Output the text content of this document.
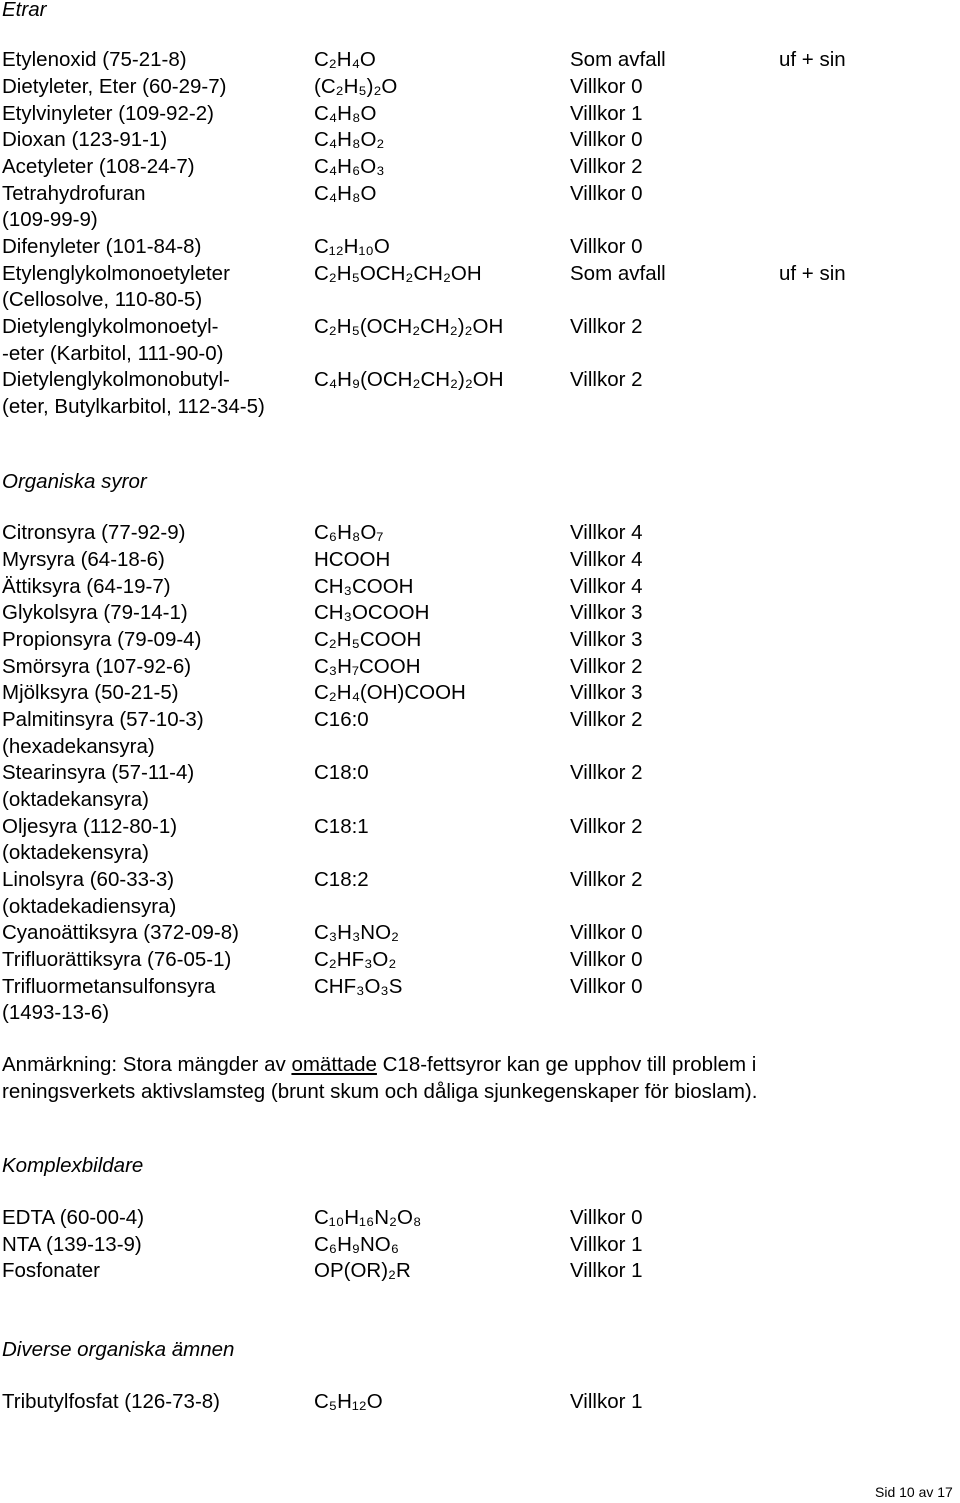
Etrar
Etylenoxid (75-21-8)	C₂H₄O	Som avfall	uf + sin
Dietyleter, Eter (60-29-7)	(C₂H₅)₂O	Villkor 0
Etylvinyleter (109-92-2)	C₄H₈O	Villkor 1
Dioxan (123-91-1)	C₄H₈O₂	Villkor 0
Acetyleter (108-24-7)	C₄H₆O₃	Villkor 2
Tetrahydrofuran	C₄H₈O	Villkor 0
(109-99-9)
Difenyleter (101-84-8)	C₁₂H₁₀O	Villkor 0
Etylenglykolmonoetyleter	C₂H₅OCH₂CH₂OH	Som avfall	uf + sin
(Cellosolve, 110-80-5)
Dietylenglykolmonoetyl-	C₂H₅(OCH₂CH₂)₂OH	Villkor 2
-eter (Karbitol, 111-90-0)
Dietylenglykolmonobutyl-	C₄H₉(OCH₂CH₂)₂OH	Villkor 2
(eter, Butylkarbitol, 112-34-5)
Organiska syror
Citronsyra (77-92-9)	C₆H₈O₇	Villkor 4
Myrsyra (64-18-6)	HCOOH	Villkor 4
Ättiksyra (64-19-7)	CH₃COOH	Villkor 4
Glykolsyra (79-14-1)	CH₃OCOOH	Villkor 3
Propionsyra (79-09-4)	C₂H₅COOH	Villkor 3
Smörsyra (107-92-6)	C₃H₇COOH	Villkor 2
Mjölksyra (50-21-5)	C₂H₄(OH)COOH	Villkor 3
Palmitinsyra (57-10-3)	C16:0	Villkor 2
(hexadekansyra)
Stearinsyra (57-11-4)	C18:0	Villkor 2
(oktadekansyra)
Oljesyra (112-80-1)	C18:1	Villkor 2
(oktadekensyra)
Linolsyra (60-33-3)	C18:2	Villkor 2
(oktadekadiensyra)
Cyanoättiksyra (372-09-8)	C₃H₃NO₂	Villkor 0
Trifluorättiksyra (76-05-1)	C₂HF₃O₂	Villkor 0
Trifluormetansulfonsyra	CHF₃O₃S	Villkor 0
(1493-13-6)
Anmärkning: Stora mängder av omättade C18-fettsyror kan ge upphov till problem i
reningsverkets aktivslamsteg (brunt skum och dåliga sjunkegenskaper för bioslam).
Komplexbildare
EDTA (60-00-4)	C₁₀H₁₆N₂O₈	Villkor 0
NTA (139-13-9)	C₆H₉NO₆	Villkor 1
Fosfonater	OP(OR)₂R	Villkor 1
Diverse organiska ämnen
Tributylfosfat (126-73-8)	C₅H₁₂O	Villkor 1
Sid 10 av 17
